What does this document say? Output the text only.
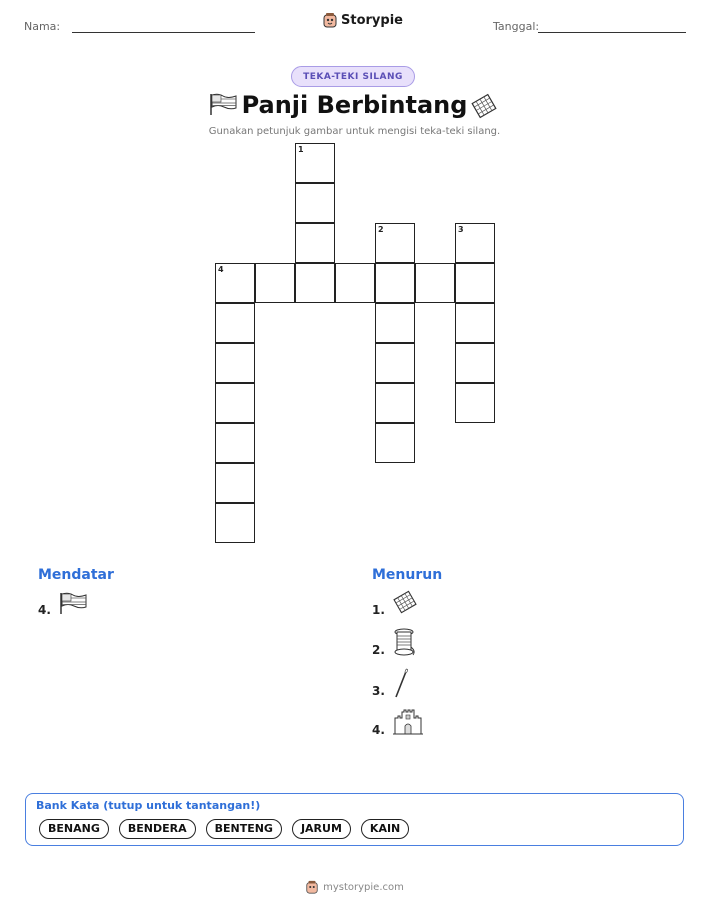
Nama:	Storypie	Tanggal:
TEKA-TEKI SILANG
Panji Berbintang
Gunakan petunjuk gambar untuk mengisi teka-teki silang.
1
2	3
4
Mendatar
4.
Menurun
1.
2.
3.
4.
Bank Kata (tutup untuk tantangan!)
BENANG	BENDERA	BENTENG	JARUM	KAIN
mystorypie.com
